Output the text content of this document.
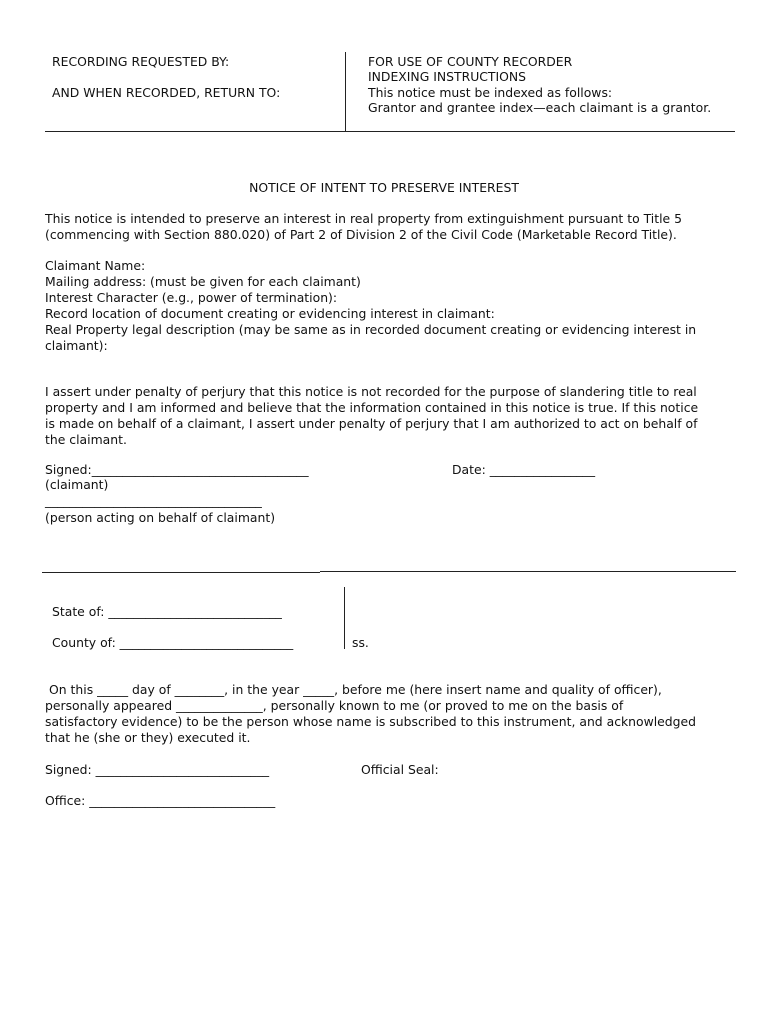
RECORDING REQUESTED BY:
AND WHEN RECORDED, RETURN TO:
FOR USE OF COUNTY RECORDER
INDEXING INSTRUCTIONS
This notice must be indexed as follows:
Grantor and grantee index—each claimant is a grantor.
NOTICE OF INTENT TO PRESERVE INTEREST
This notice is intended to preserve an interest in real property from extinguishment pursuant to Title 5
(commencing with Section 880.020) of Part 2 of Division 2 of the Civil Code (Marketable Record Title).
Claimant Name:
Mailing address: (must be given for each claimant)
Interest Character (e.g., power of termination):
Record location of document creating or evidencing interest in claimant:
Real Property legal description (may be same as in recorded document creating or evidencing interest in
claimant):
I assert under penalty of perjury that this notice is not recorded for the purpose of slandering title to real
property and I am informed and believe that the information contained in this notice is true. If this notice
is made on behalf of a claimant, I assert under penalty of perjury that I am authorized to act on behalf of
the claimant.
Signed:___________________________________	Date: _________________
(claimant)
___________________________________
(person acting on behalf of claimant)
State of: ____________________________
County of: ____________________________	ss.
On this _____ day of ________, in the year _____, before me (here insert name and quality of officer),
personally appeared ______________, personally known to me (or proved to me on the basis of
satisfactory evidence) to be the person whose name is subscribed to this instrument, and acknowledged
that he (she or they) executed it.
Signed: ____________________________	Official Seal:
Office: ______________________________
